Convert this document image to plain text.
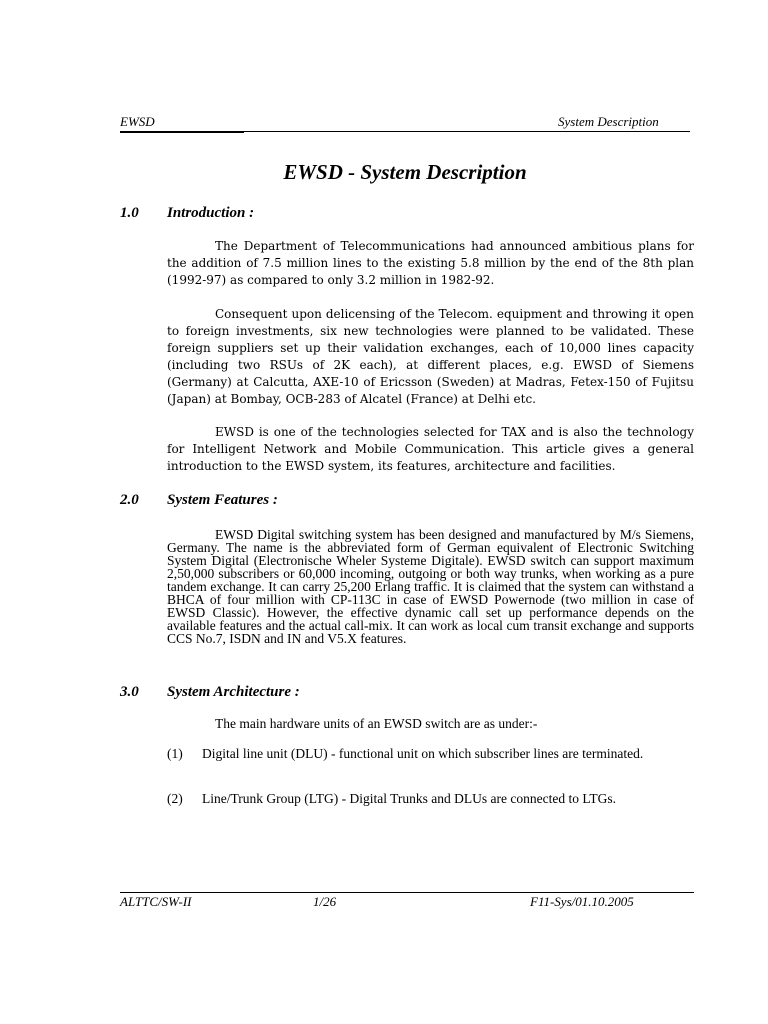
EWSD	System Description
EWSD - System Description
1.0 Introduction :

The Department of Telecommunications had announced ambitious plans for the addition of 7.5 million lines to the existing 5.8 million by the end of the 8th plan (1992-97) as compared to only 3.2 million in 1982-92.

Consequent upon delicensing of the Telecom. equipment and throwing it open to foreign investments, six new technologies were planned to be validated. These foreign suppliers set up their validation exchanges, each of 10,000 lines capacity (including two RSUs of 2K each), at different places, e.g. EWSD of Siemens (Germany) at Calcutta, AXE-10 of Ericsson (Sweden) at Madras, Fetex-150 of Fujitsu (Japan) at Bombay, OCB-283 of Alcatel (France) at Delhi etc.

EWSD is one of the technologies selected for TAX and is also the technology for Intelligent Network and Mobile Communication. This article gives a general introduction to the EWSD system, its features, architecture and facilities.

2.0 System Features :

EWSD Digital switching system has been designed and manufactured by M/s Siemens, Germany. The name is the abbreviated form of German equivalent of Electronic Switching System Digital (Electronische Wheler Systeme Digitale). EWSD switch can support maximum 2,50,000 subscribers or 60,000 incoming, outgoing or both way trunks, when working as a pure tandem exchange. It can carry 25,200 Erlang traffic. It is claimed that the system can withstand a BHCA of four million with CP-113C in case of EWSD Powernode (two million in case of EWSD Classic). However, the effective dynamic call set up performance depends on the available features and the actual call-mix. It can work as local cum transit exchange and supports CCS No.7, ISDN and IN and V5.X features.

3.0 System Architecture :

The main hardware units of an EWSD switch are as under:-

(1) Digital line unit (DLU) - functional unit on which subscriber lines are terminated.
(2) Line/Trunk Group (LTG) - Digital Trunks and DLUs are connected to LTGs.
ALTTC/SW-II	1/26	F11-Sys/01.10.2005
